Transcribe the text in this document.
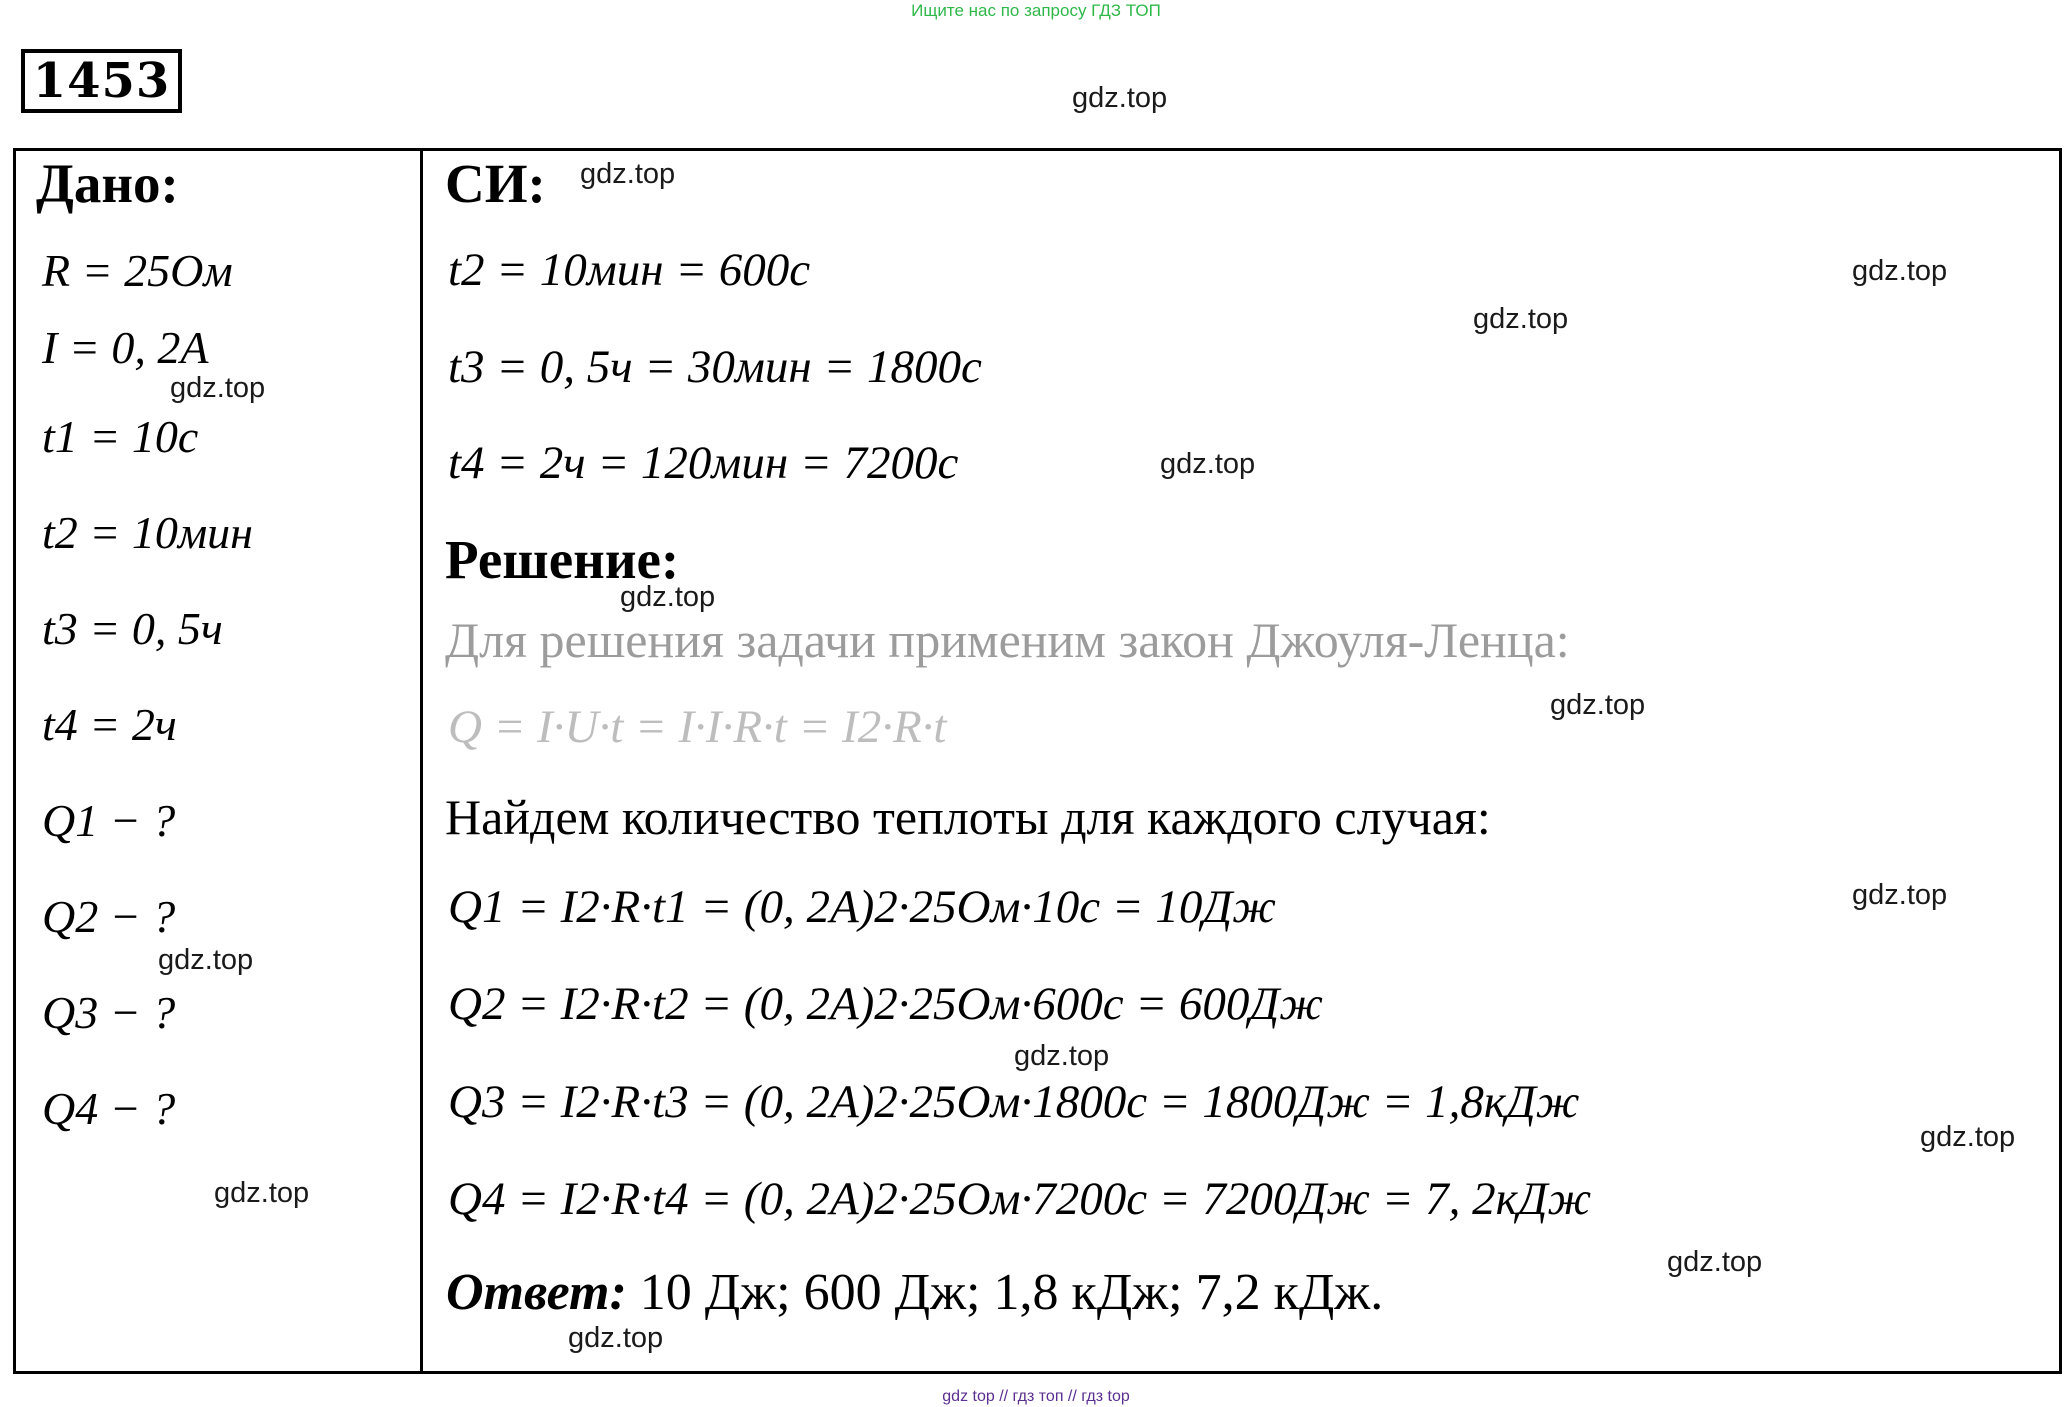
Ищите нас по запросу ГДЗ ТОП
1453
Дано:
R = 25Ом
I = 0, 2A
t1 = 10c
t2 = 10мин
t3 = 0, 5ч
t4 = 2ч
Q1 − ?
Q2 − ?
Q3 − ?
Q4 − ?
СИ:
t2 = 10мин = 600с
t3 = 0, 5ч = 30мин = 1800с
t4 = 2ч = 120мин = 7200с
Решение:
Для решения задачи применим закон Джоуля-Ленца:
Q = I·U·t = I·I·R·t = I2·R·t
Найдем количество теплоты для каждого случая:
Q1 = I2·R·t1 = (0, 2A)2·25Ом·10с = 10Дж
Q2 = I2·R·t2 = (0, 2A)2·25Ом·600с = 600Дж
Q3 = I2·R·t3 = (0, 2A)2·25Ом·1800с = 1800Дж = 1,8кДж
Q4 = I2·R·t4 = (0, 2A)2·25Ом·7200с = 7200Дж = 7, 2кДж
Ответ: 10 Дж; 600 Дж; 1,8 кДж; 7,2 кДж.
gdz.top
gdz.top
gdz.top
gdz.top
gdz.top
gdz.top
gdz.top
gdz.top
gdz.top
gdz.top
gdz.top
gdz.top
gdz.top
gdz.top
gdz.top
gdz top // гдз топ // гдз top
